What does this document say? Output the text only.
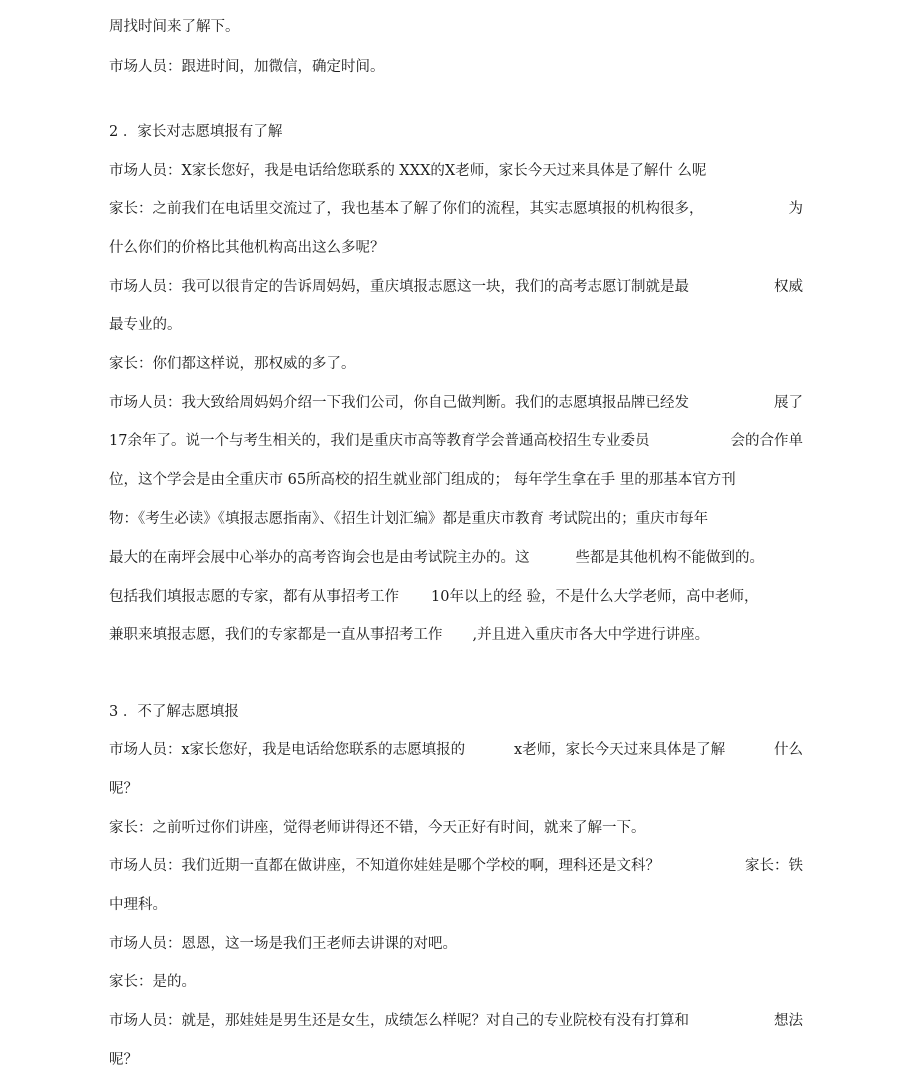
周找时间来了解下。
市场人员：跟进时间，加微信，确定时间。
2 ．家长对志愿填报有了解
市场人员：X家长您好，我是电话给您联系的 XXX的X老师，家长今天过来具体是了解什 么呢
家长：之前我们在电话里交流过了，我也基本了解了你们的流程，其实志愿填报的机构很多，	为
什么你们的价格比其他机构高出这么多呢？
市场人员：我可以很肯定的告诉周妈妈，重庆填报志愿这一块，我们的高考志愿订制就是最	权威
最专业的。
家长：你们都这样说，那权威的多了。
市场人员：我大致给周妈妈介绍一下我们公司，你自己做判断。我们的志愿填报品牌已经发	展了
17余年了。说一个与考生相关的，我们是重庆市高等教育学会普通高校招生专业委员	会的合作单
位，这个学会是由全重庆市 65所高校的招生就业部门组成的； 每年学生拿在手 里的那基本官方刊
物：《考生必读》《填报志愿指南》、《招生计划汇编》都是重庆市教育 考试院出的；重庆市每年
最大的在南坪会展中心举办的高考咨询会也是由考试院主办的。这	些都是其他机构不能做到的。
包括我们填报志愿的专家，都有从事招考工作 10年以上的经 验，不是什么大学老师，高中老师，
兼职来填报志愿，我们的专家都是一直从事招考工作 ,并且进入重庆市各大中学进行讲座。
3 ．不了解志愿填报
市场人员：x家长您好，我是电话给您联系的志愿填报的	x老师，家长今天过来具体是了解	什么
呢？
家长：之前听过你们讲座，觉得老师讲得还不错，今天正好有时间，就来了解一下。
市场人员：我们近期一直都在做讲座，不知道你娃娃是哪个学校的啊，理科还是文科？	家长：铁
中理科。
市场人员：恩恩，这一场是我们王老师去讲课的对吧。
家长：是的。
市场人员：就是，那娃娃是男生还是女生，成绩怎么样呢？对自己的专业院校有没有打算和	想法
呢？
